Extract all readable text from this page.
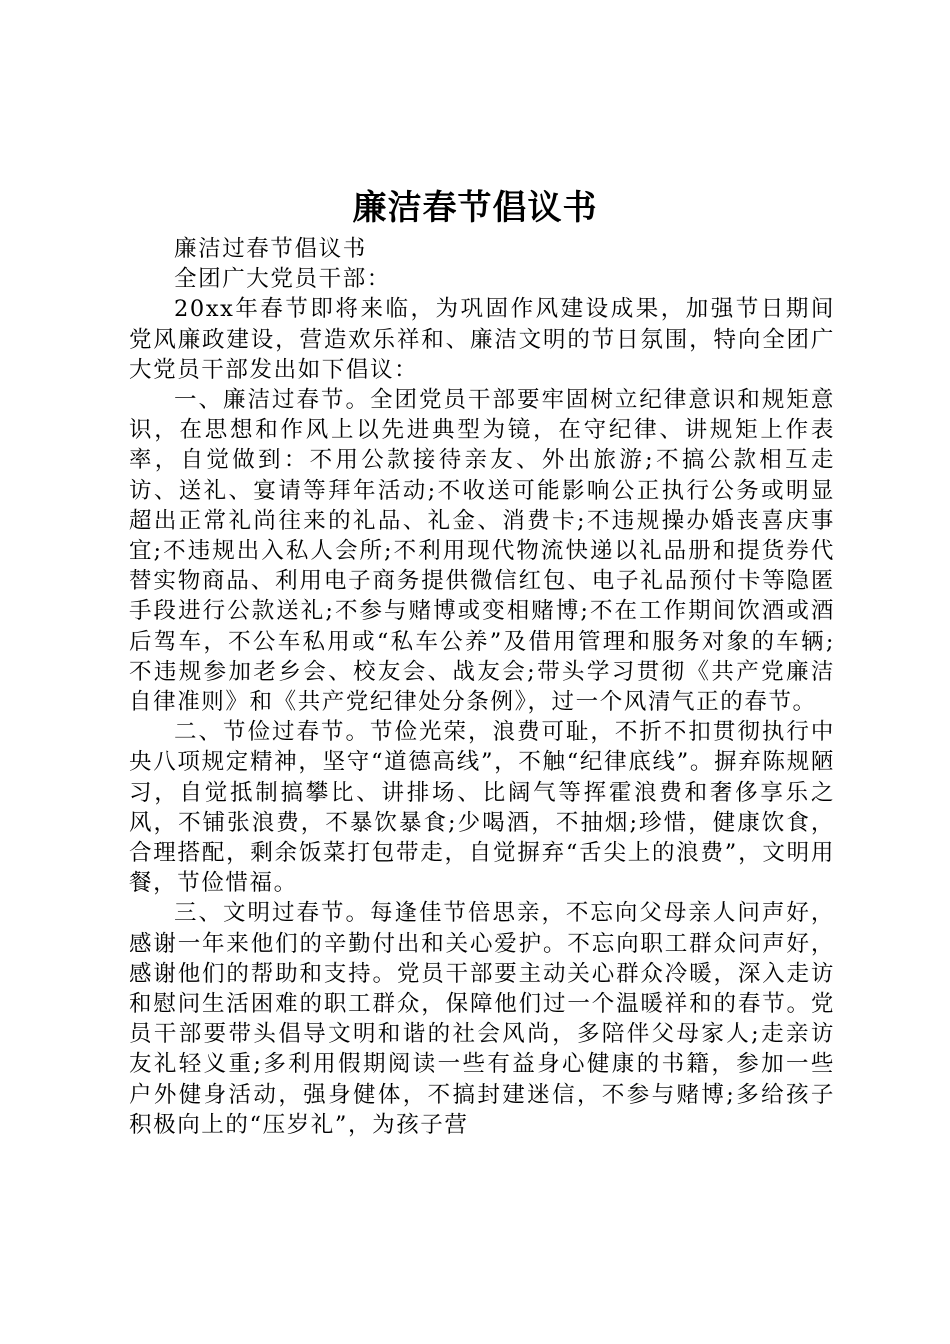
廉洁春节倡议书

廉洁过春节倡议书

全团广大党员干部：

20xx年春节即将来临，为巩固作风建设成果，加强节日期间党风廉政建设，营造欢乐祥和、廉洁文明的节日氛围，特向全团广大党员干部发出如下倡议：

一、廉洁过春节。全团党员干部要牢固树立纪律意识和规矩意识，在思想和作风上以先进典型为镜，在守纪律、讲规矩上作表率，自觉做到：不用公款接待亲友、外出旅游;不搞公款相互走访、送礼、宴请等拜年活动;不收送可能影响公正执行公务或明显超出正常礼尚往来的礼品、礼金、消费卡;不违规操办婚丧喜庆事宜;不违规出入私人会所;不利用现代物流快递以礼品册和提货券代替实物商品、利用电子商务提供微信红包、电子礼品预付卡等隐匿手段进行公款送礼;不参与赌博或变相赌博;不在工作期间饮酒或酒后驾车，不公车私用或“私车公养”及借用管理和服务对象的车辆;不违规参加老乡会、校友会、战友会;带头学习贯彻《共产党廉洁自律准则》和《共产党纪律处分条例》，过一个风清气正的春节。

二、节俭过春节。节俭光荣，浪费可耻，不折不扣贯彻执行中央八项规定精神，坚守“道德高线”，不触“纪律底线”。摒弃陈规陋习，自觉抵制搞攀比、讲排场、比阔气等挥霍浪费和奢侈享乐之风，不铺张浪费，不暴饮暴食;少喝酒，不抽烟;珍惜，健康饮食，合理搭配，剩余饭菜打包带走，自觉摒弃“舌尖上的浪费”，文明用餐，节俭惜福。

三、文明过春节。每逢佳节倍思亲，不忘向父母亲人问声好，感谢一年来他们的辛勤付出和关心爱护。不忘向职工群众问声好，感谢他们的帮助和支持。党员干部要主动关心群众冷暖，深入走访和慰问生活困难的职工群众，保障他们过一个温暖祥和的春节。党员干部要带头倡导文明和谐的社会风尚，多陪伴父母家人;走亲访友礼轻义重;多利用假期阅读一些有益身心健康的书籍，参加一些户外健身活动，强身健体，不搞封建迷信，不参与赌博;多给孩子积极向上的“压岁礼”，为孩子营
